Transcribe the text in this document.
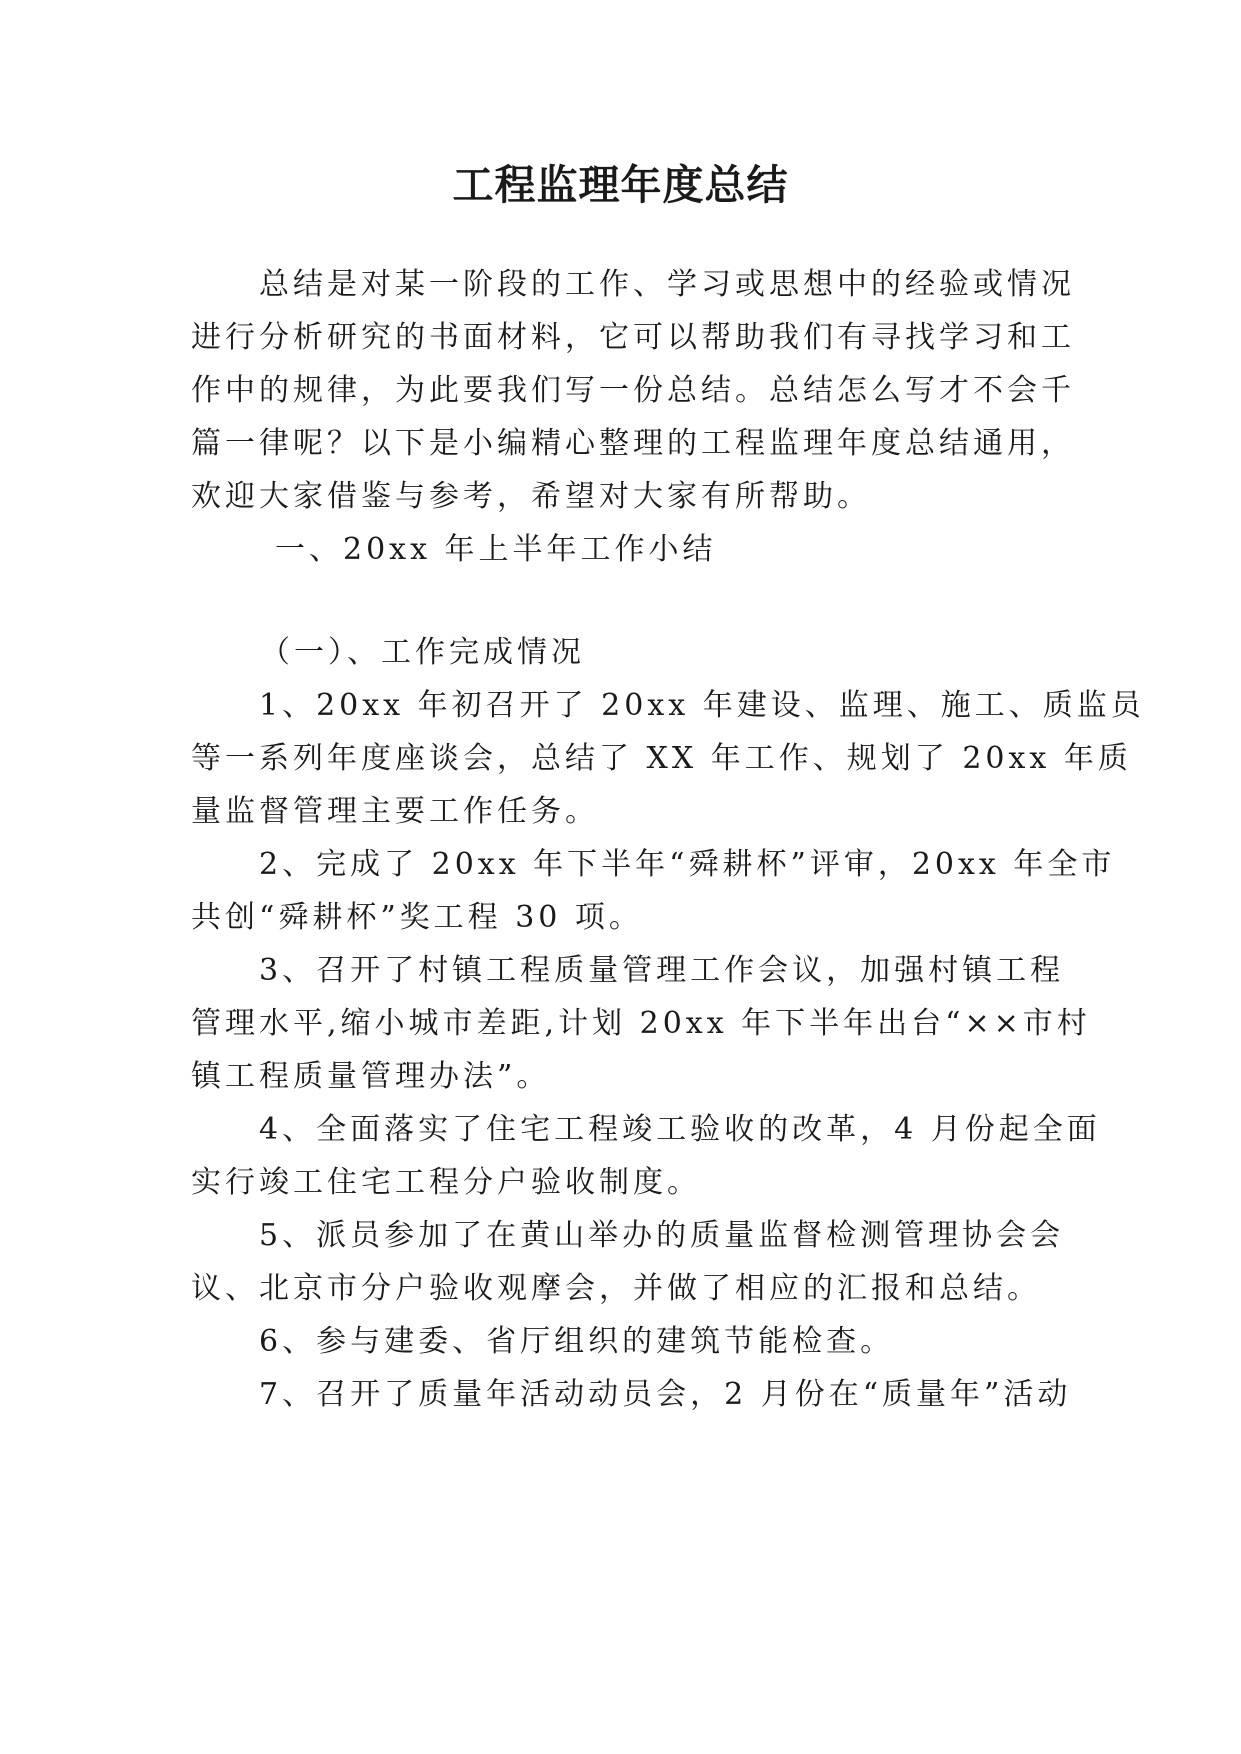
工程监理年度总结

　　总结是对某一阶段的工作、学习或思想中的经验或情况

进行分析研究的书面材料，它可以帮助我们有寻找学习和工

作中的规律，为此要我们写一份总结。总结怎么写才不会千

篇一律呢？以下是小编精心整理的工程监理年度总结通用，

欢迎大家借鉴与参考，希望对大家有所帮助。

　　一、20xx 年上半年工作小结

　　（一）、工作完成情况

　　1、20xx 年初召开了 20xx 年建设、监理、施工、质监员

等一系列年度座谈会，总结了 XX 年工作、规划了 20xx 年质

量监督管理主要工作任务。

　　2、完成了 20xx 年下半年“舜耕杯”评审，20xx 年全市

共创“舜耕杯”奖工程 30 项。

　　3、召开了村镇工程质量管理工作会议，加强村镇工程

管理水平,缩小城市差距,计划 20xx 年下半年出台“××市村

镇工程质量管理办法”。

　　4、全面落实了住宅工程竣工验收的改革，4 月份起全面

实行竣工住宅工程分户验收制度。

　　5、派员参加了在黄山举办的质量监督检测管理协会会

议、北京市分户验收观摩会，并做了相应的汇报和总结。

　　6、参与建委、省厅组织的建筑节能检查。

　　7、召开了质量年活动动员会，2 月份在“质量年”活动
